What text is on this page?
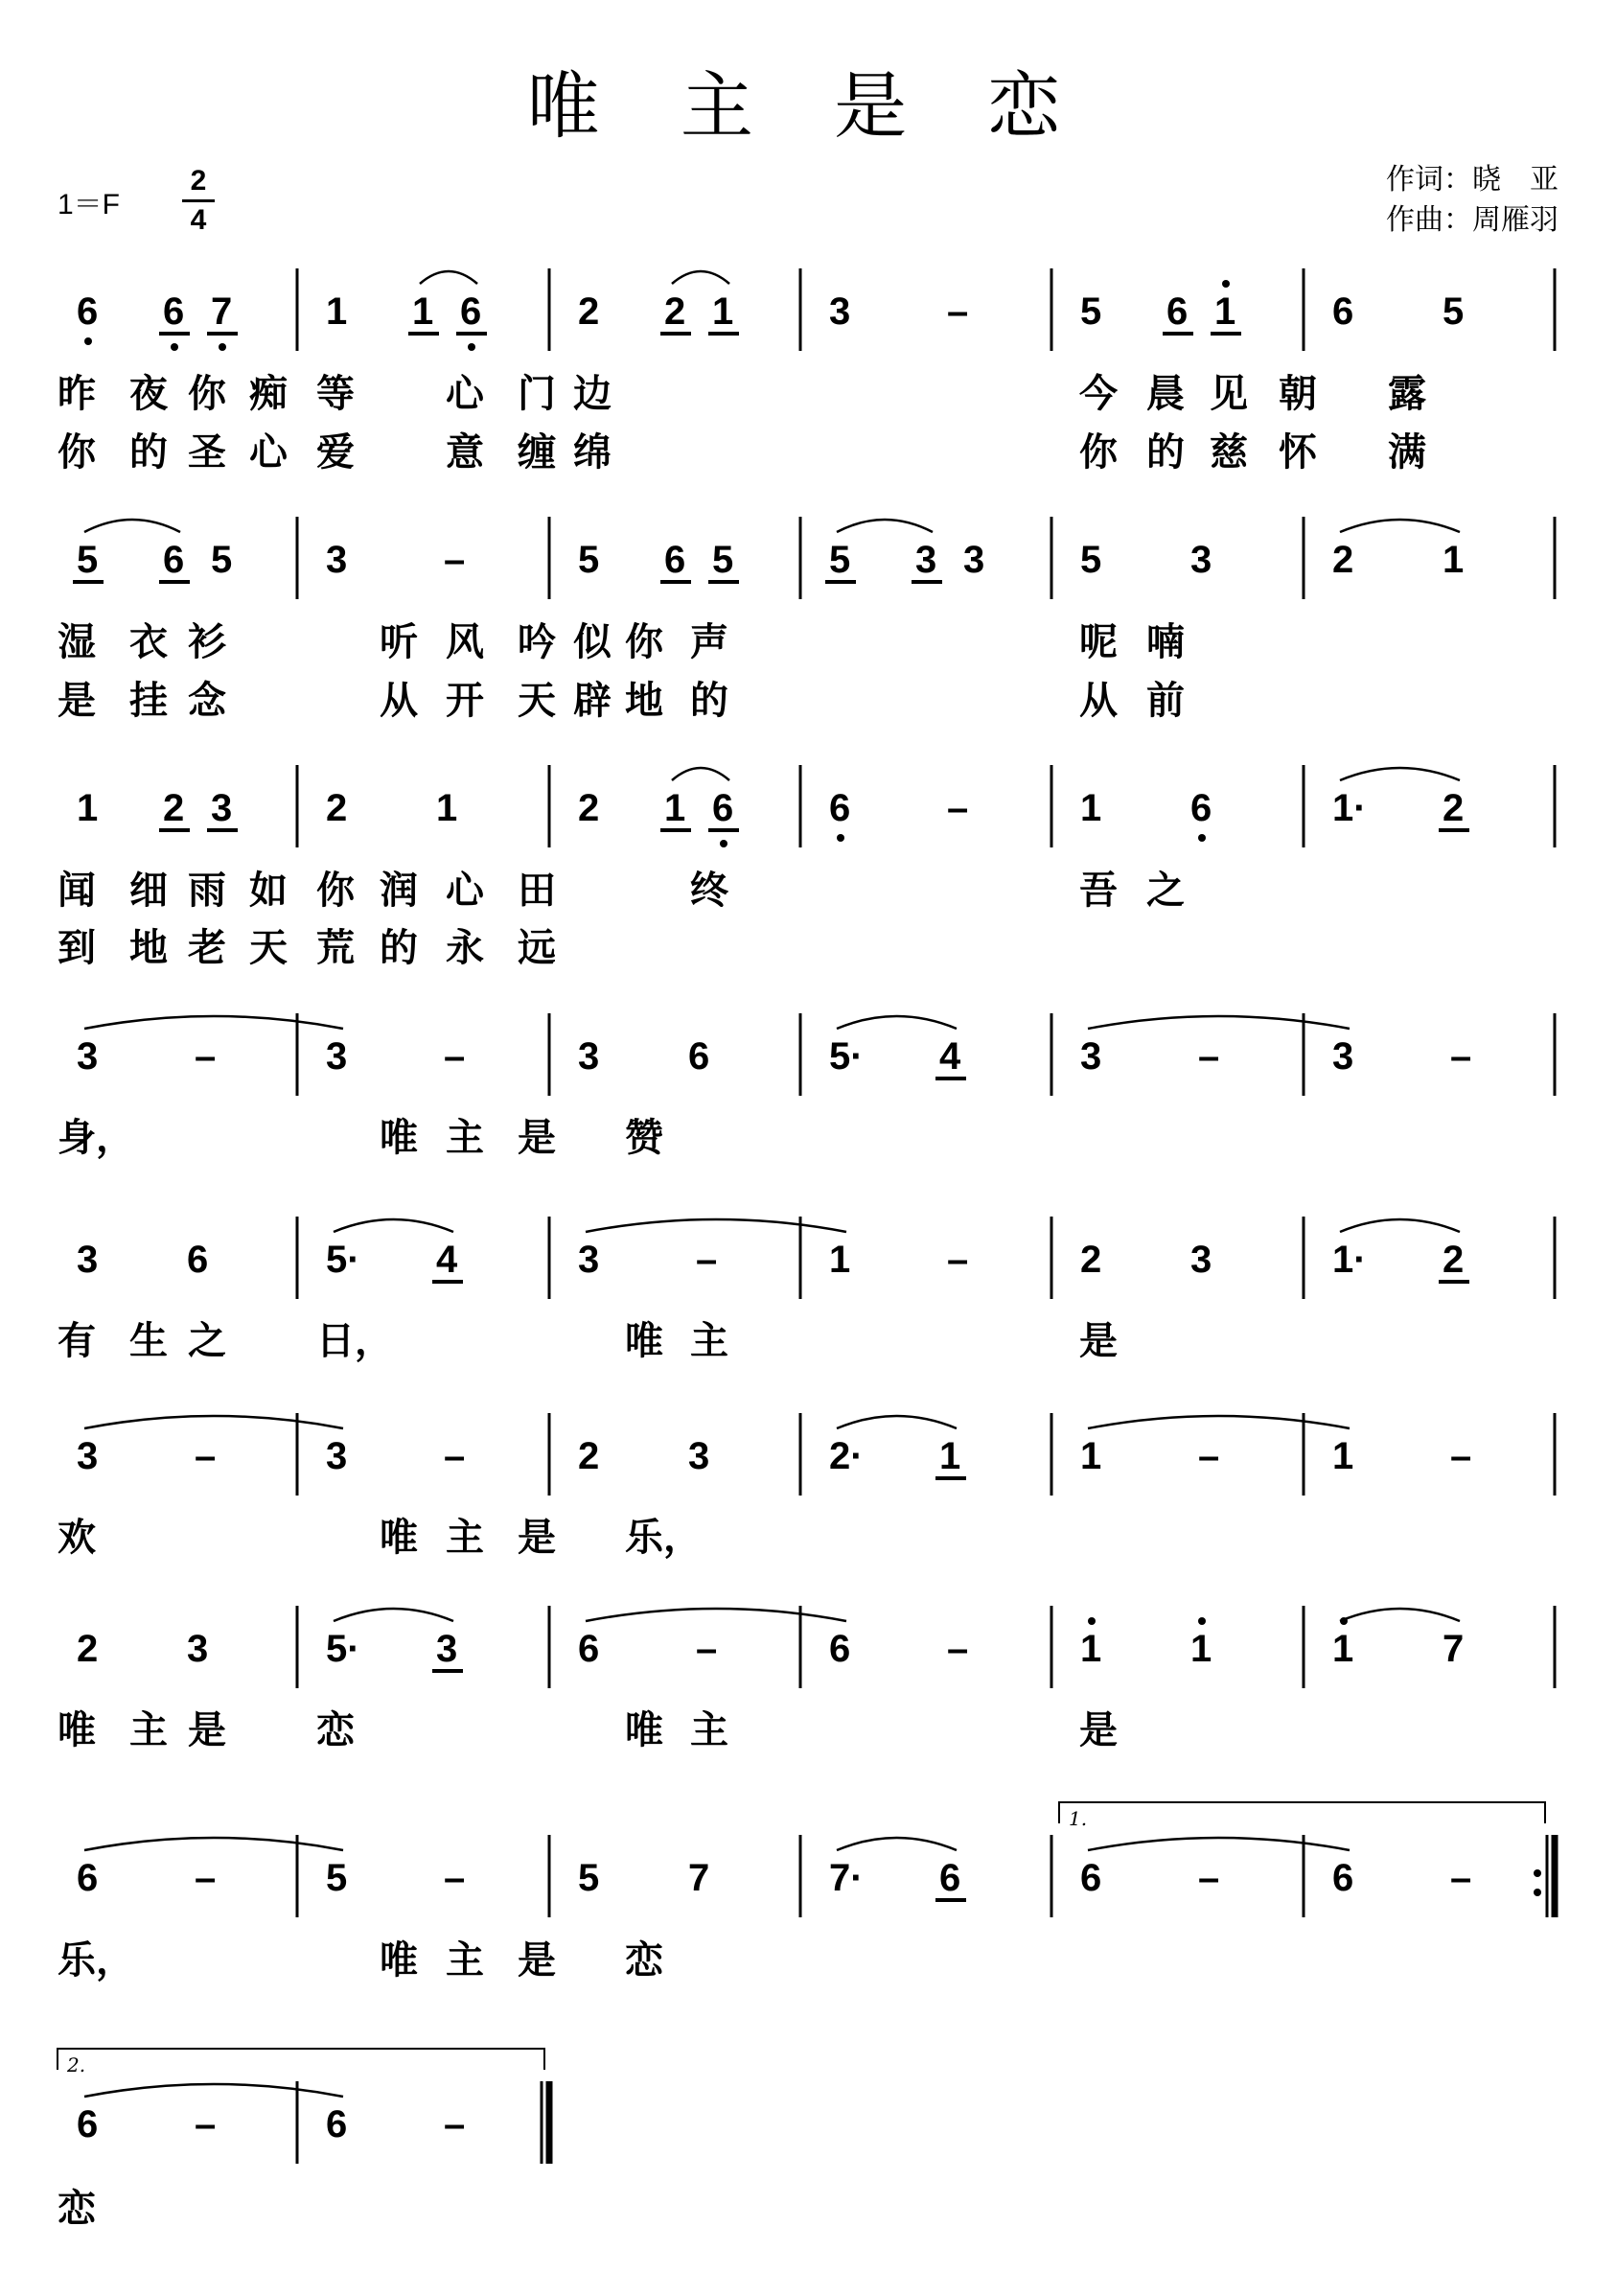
唯 主 是 恋
1＝F
2
4
作词：晓　亚
作曲：周雁羽
6 6 7 1 1 6	2 2 1 3	–	5 6 1	6 5
昨 夜 你 痴 等 心 门 边	今 晨 见 朝 露
你 的 圣 心 爱 意 缠 绵	你 的 慈 怀 满
5 6 5 3	–	5 6 5 5 3 3 5 3	2 1
湿 衣 衫	听 风 吟 似 你 声	呢 喃
是 挂 念	从 开 天 辟 地 的	从 前
1 2 3 2 1	2 1 6 6	–	1 6	1· 2
闻 细 雨 如 你 润 心 田	终	吾 之
到 地 老 天 荒 的 永 远
3	–	3	–	3 6	5· 4	3	–	3	–
身，	唯 主 是 赞
3 6	5· 4	3	–	1	–	2 3	1· 2
有 生 之 日，	唯 主	是
3	–	3	–	2 3	2· 1	1	–	1	–
欢	唯 主 是 乐，
2 3	5· 3	6	–	6	–	1 1	1 7
唯 主 是 恋	唯 主	是
6	–	5	–	5 7	7· 6	6	–	6	–
乐，	唯 主 是 恋
6	–	6	–
恋
1.
2.
